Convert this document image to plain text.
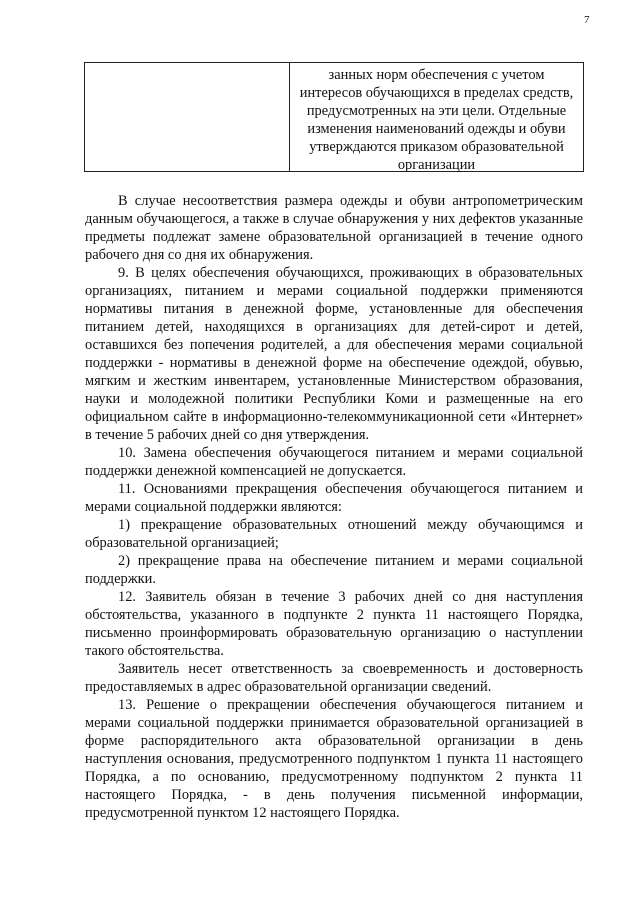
7
занных норм обеспечения с учетом интересов обучающихся в пределах средств, предусмотренных на эти цели. Отдельные изменения наименований одежды и обуви утверждаются приказом образовательной организации

В случае несоответствия размера одежды и обуви антропометрическим данным обучающегося, а также в случае обнаружения у них дефектов указанные предметы подлежат замене образовательной организацией в течение одного рабочего дня со дня их обнаружения.

9. В целях обеспечения обучающихся, проживающих в образовательных организациях, питанием и мерами социальной поддержки применяются нормативы питания в денежной форме, установленные для обеспечения питанием детей, находящихся в организациях для детей-сирот и детей, оставшихся без попечения родителей, а для обеспечения мерами социальной поддержки - нормативы в денежной форме на обеспечение одеждой, обувью, мягким и жестким инвентарем, установленные Министерством образования, науки и молодежной политики Республики Коми и размещенные на его официальном сайте в информационно-телекоммуникационной сети «Интернет» в течение 5 рабочих дней со дня утверждения.

10. Замена обеспечения обучающегося питанием и мерами социальной поддержки денежной компенсацией не допускается.

11. Основаниями прекращения обеспечения обучающегося питанием и мерами социальной поддержки являются:

1) прекращение образовательных отношений между обучающимся и образовательной организацией;

2) прекращение права на обеспечение питанием и мерами социальной поддержки.

12. Заявитель обязан в течение 3 рабочих дней со дня наступления обстоятельства, указанного в подпункте 2 пункта 11 настоящего Порядка, письменно проинформировать образовательную организацию о наступлении такого обстоятельства.

Заявитель несет ответственность за своевременность и достоверность предоставляемых в адрес образовательной организации сведений.

13. Решение о прекращении обеспечения обучающегося питанием и мерами социальной поддержки принимается образовательной организацией в форме распорядительного акта образовательной организации в день наступления основания, предусмотренного подпунктом 1 пункта 11 настоящего Порядка, а по основанию, предусмотренному подпунктом 2 пункта 11 настоящего Порядка, - в день получения письменной информации, предусмотренной пунктом 12 настоящего Порядка.
